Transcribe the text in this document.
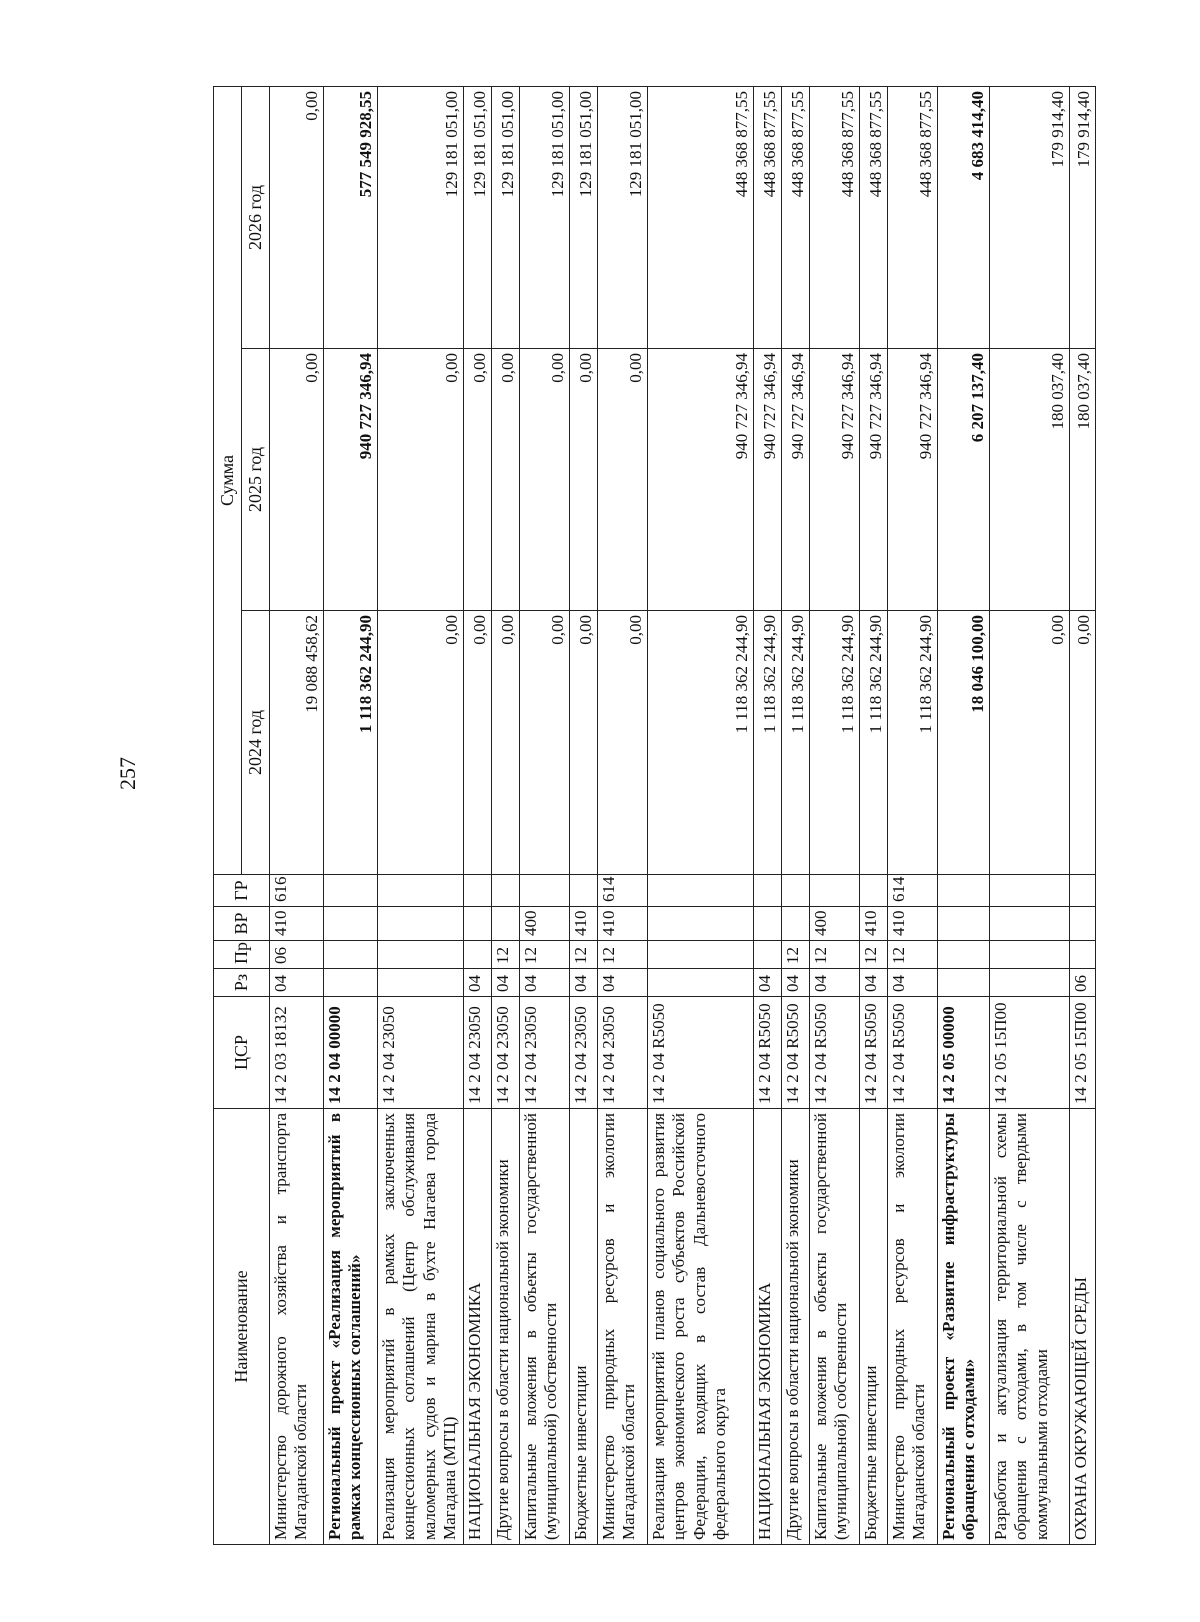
257
Наименование	ЦСР	Рз	Пр	ВР	ГР	Сумма		
						2024 год	2025 год	2026 год
Министерство дорожного хозяйства и транспорта Магаданской области	14 2 03 18132	04	06	410	616	19 088 458,62	0,00	0,00
Региональный проект «Реализация мероприятий в рамках концессионных соглашений»	14 2 04 00000					1 118 362 244,90	940 727 346,94	577 549 928,55
Реализация мероприятий в рамках заключенных концессионных соглашений (Центр обслуживания маломерных судов и марина в бухте Нагаева города Магадана (МТЦ)	14 2 04 23050					0,00	0,00	129 181 051,00
НАЦИОНАЛЬНАЯ ЭКОНОМИКА	14 2 04 23050	04				0,00	0,00	129 181 051,00
Другие вопросы в области национальной экономики	14 2 04 23050	04	12			0,00	0,00	129 181 051,00
Капитальные вложения в объекты государственной (муниципальной) собственности	14 2 04 23050	04	12	400		0,00	0,00	129 181 051,00
Бюджетные инвестиции	14 2 04 23050	04	12	410		0,00	0,00	129 181 051,00
Министерство природных ресурсов и экологии Магаданской области	14 2 04 23050	04	12	410	614	0,00	0,00	129 181 051,00
Реализация мероприятий планов социального развития центров экономического роста субъектов Российской Федерации, входящих в состав Дальневосточного федерального округа	14 2 04 R5050					1 118 362 244,90	940 727 346,94	448 368 877,55
НАЦИОНАЛЬНАЯ ЭКОНОМИКА	14 2 04 R5050	04				1 118 362 244,90	940 727 346,94	448 368 877,55
Другие вопросы в области национальной экономики	14 2 04 R5050	04	12			1 118 362 244,90	940 727 346,94	448 368 877,55
Капитальные вложения в объекты государственной (муниципальной) собственности	14 2 04 R5050	04	12	400		1 118 362 244,90	940 727 346,94	448 368 877,55
Бюджетные инвестиции	14 2 04 R5050	04	12	410		1 118 362 244,90	940 727 346,94	448 368 877,55
Министерство природных ресурсов и экологии Магаданской области	14 2 04 R5050	04	12	410	614	1 118 362 244,90	940 727 346,94	448 368 877,55
Региональный проект «Развитие инфраструктуры обращения с отходами»	14 2 05 00000					18 046 100,00	6 207 137,40	4 683 414,40
Разработка и актуализация территориальной схемы обращения с отходами, в том числе с твердыми коммунальными отходами	14 2 05 15П00					0,00	180 037,40	179 914,40
ОХРАНА ОКРУЖАЮЩЕЙ СРЕДЫ	14 2 05 15П00	06				0,00	180 037,40	179 914,40
